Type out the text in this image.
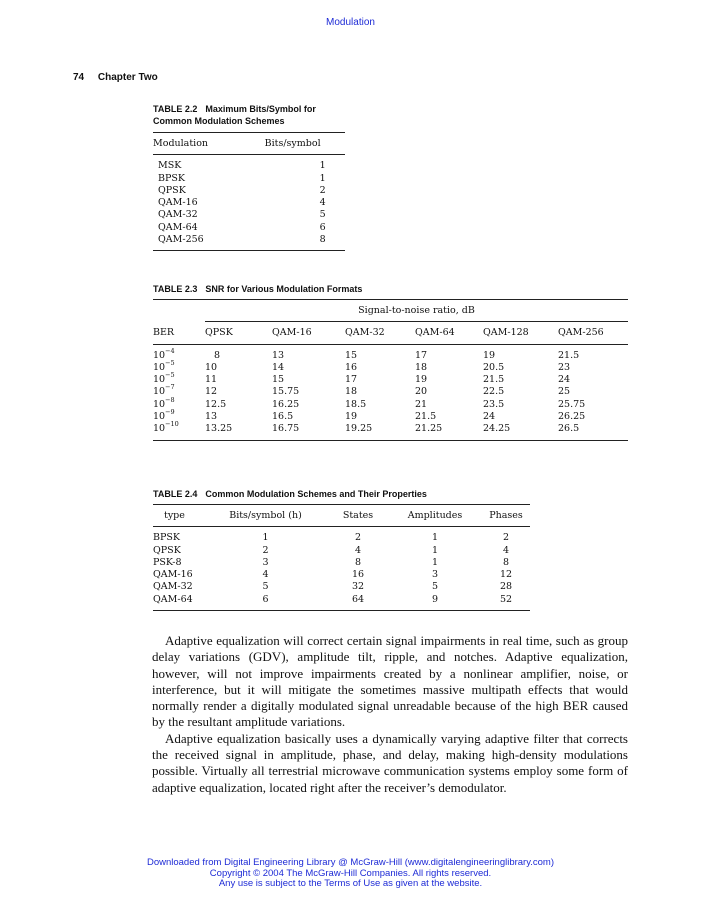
Modulation
74 Chapter Two
TABLE 2.2 Maximum Bits/Symbol for
Common Modulation Schemes
Modulation	Bits/symbol
MSK	1
BPSK	1
QPSK	2
QAM-16	4
QAM-32	5
QAM-64	6
QAM-256	8
TABLE 2.3 SNR for Various Modulation Formats
	Signal-to-noise ratio, dB					
BER	QPSK	QAM-16	QAM-32	QAM-64	QAM-128	QAM-256
$10^{-4}$	8	13	15	17	19	21.5
$10^{-5}$	10	14	16	18	20.5	23
$10^{-5}$	11	15	17	19	21.5	24
$10^{-7}$	12	15.75	18	20	22.5	25
$10^{-8}$	12.5	16.25	18.5	21	23.5	25.75
$10^{-9}$	13	16.5	19	21.5	24	26.25
$10^{-10}$	13.25	16.75	19.25	21.25	24.25	26.5
TABLE 2.4 Common Modulation Schemes and Their Properties
type	Bits/symbol (h)	States	Amplitudes	Phases
BPSK	1	2	1	2
QPSK	2	4	1	4
PSK-8	3	8	1	8
QAM-16	4	16	3	12
QAM-32	5	32	5	28
QAM-64	6	64	9	52

Adaptive equalization will correct certain signal impairments in real time, such as group delay variations (GDV), amplitude tilt, ripple, and notches. Adaptive equalization, however, will not improve impairments created by a nonlinear amplifier, noise, or interference, but it will mitigate the sometimes massive multipath effects that would normally render a digitally modulated signal unreadable because of the high BER caused by the resultant amplitude variations.

Adaptive equalization basically uses a dynamically varying adaptive filter that corrects the received signal in amplitude, phase, and delay, making high-density modulations possible. Virtually all terrestrial microwave communication systems employ some form of adaptive equalization, located right after the receiver’s demodulator.

Downloaded from Digital Engineering Library @ McGraw-Hill (www.digitalengineeringlibrary.com)
Copyright © 2004 The McGraw-Hill Companies. All rights reserved.
Any use is subject to the Terms of Use as given at the website.
